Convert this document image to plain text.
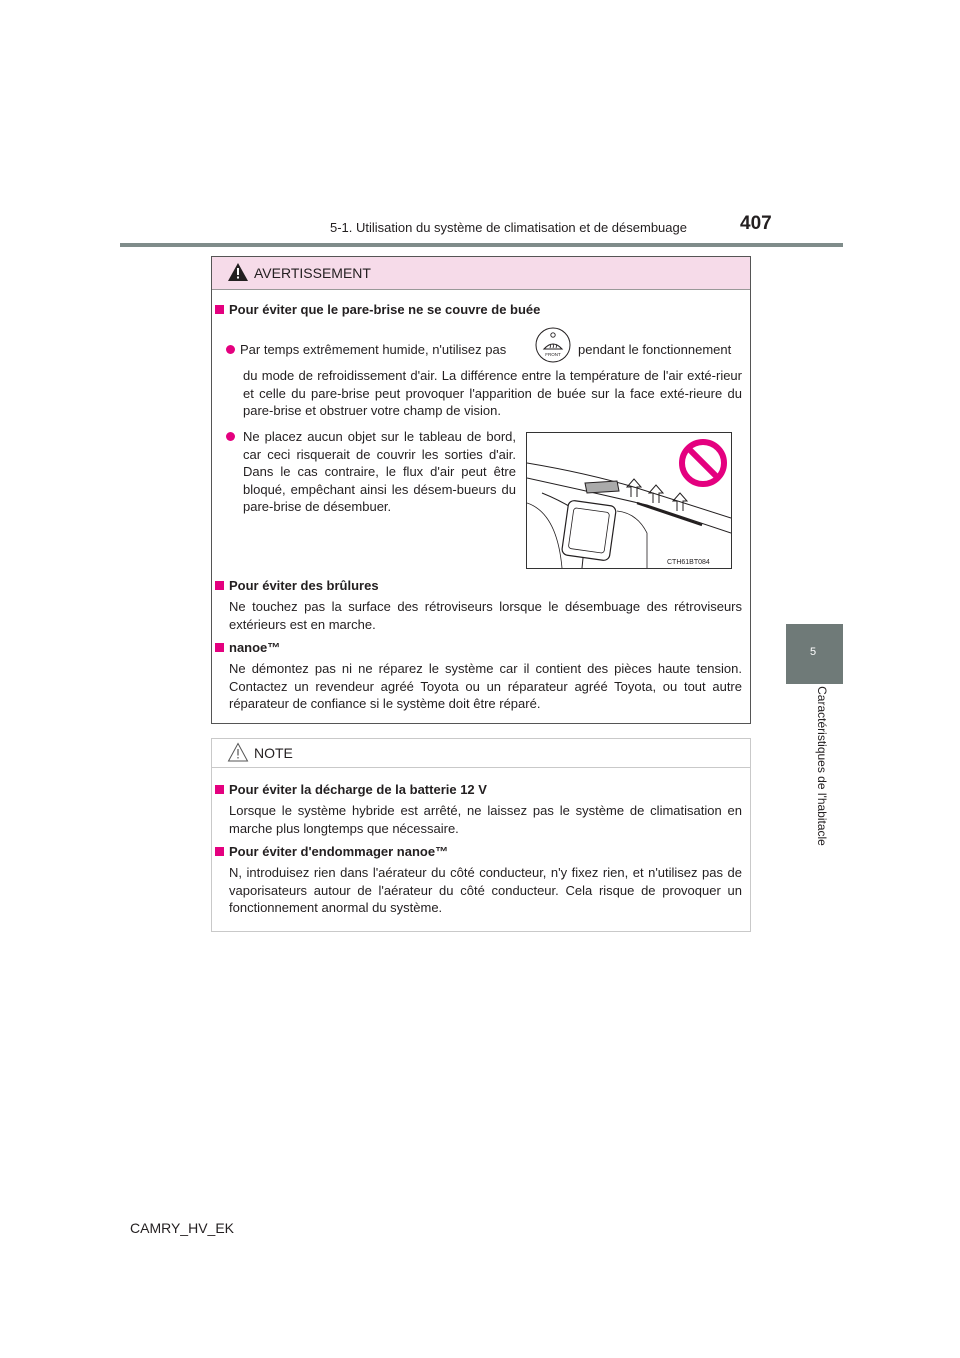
5-1. Utilisation du système de climatisation et de désembuage	407
5
Caractéristiques de l'habitacle
AVERTISSEMENT
Pour éviter que le pare-brise ne se couvre de buée
Par temps extrêmement humide, n'utilisez pas	FRONT pendant le fonctionnement
du mode de refroidissement d'air. La différence entre la température de l'air exté-rieur et celle du pare-brise peut provoquer l'apparition de buée sur la face exté-rieure du pare-brise et obstruer votre champ de vision.
Ne placez aucun objet sur le tableau de bord, car ceci risquerait de couvrir les sorties d'air. Dans le cas contraire, le flux d'air peut être bloqué, empêchant ainsi les désem-bueurs du pare-brise de désembuer.
CTH61BT084
Pour éviter des brûlures
Ne touchez pas la surface des rétroviseurs lorsque le désembuage des rétroviseurs extérieurs est en marche.
nanoe™
Ne démontez pas ni ne réparez le système car il contient des pièces haute tension. Contactez un revendeur agréé Toyota ou un réparateur agréé Toyota, ou tout autre réparateur de confiance si le système doit être réparé.
NOTE
Pour éviter la décharge de la batterie 12 V
Lorsque le système hybride est arrêté, ne laissez pas le système de climatisation en marche plus longtemps que nécessaire.
Pour éviter d'endommager nanoe™
N, introduisez rien dans l'aérateur du côté conducteur, n'y fixez rien, et n'utilisez pas de vaporisateurs autour de l'aérateur du côté conducteur. Cela risque de provoquer un fonctionnement anormal du système.
CAMRY_HV_EK
